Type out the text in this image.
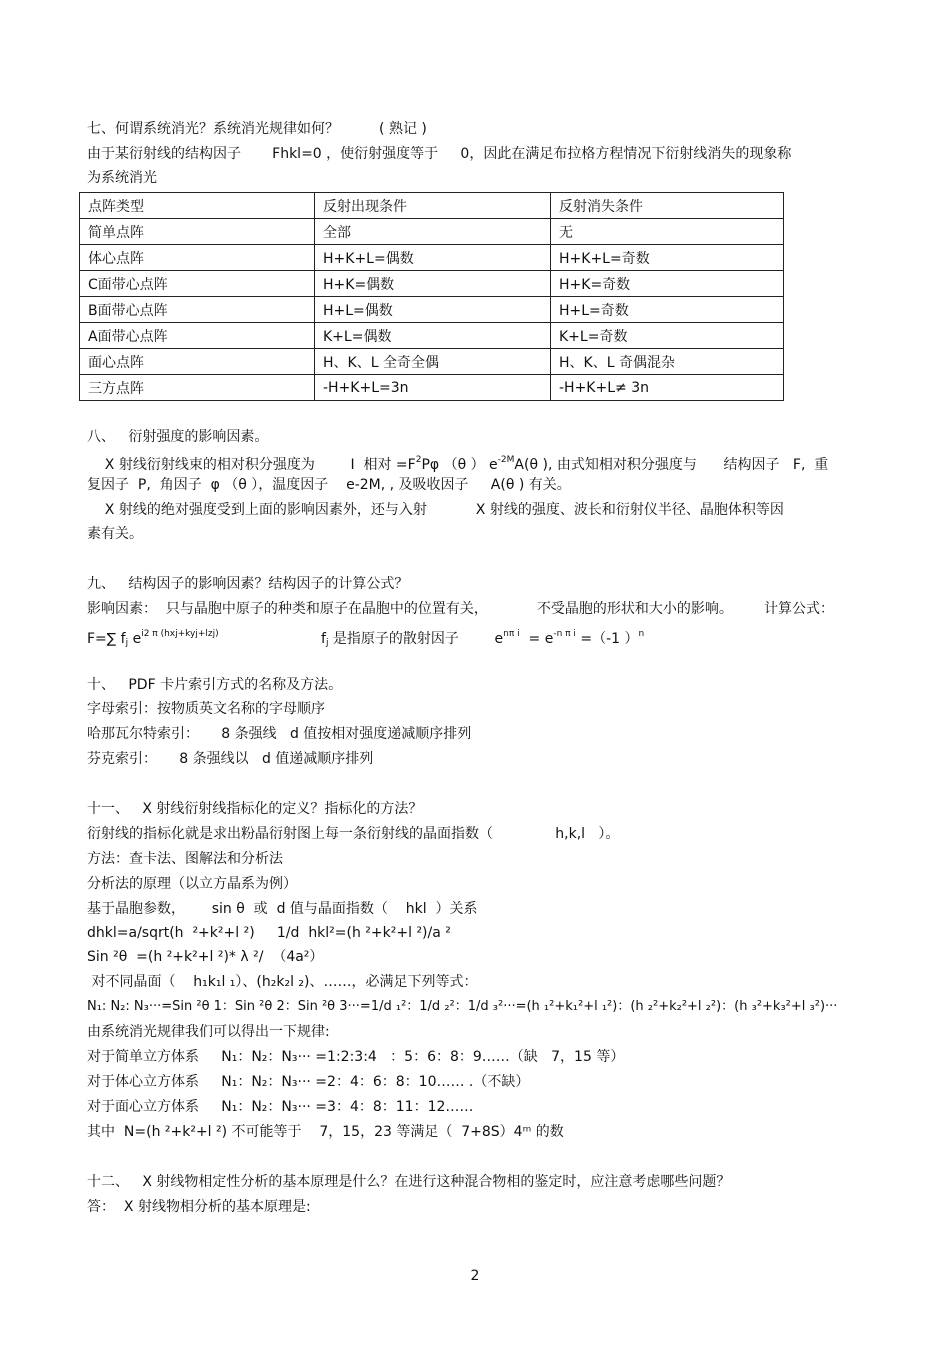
七、何谓系统消光？系统消光规律如何？         ( 熟记 )
由于某衍射线的结构因子       Fhkl=0 ，使衍射强度等于     0，因此在满足布拉格方程情况下衍射线消失的现象称
为系统消光
点阵类型	反射出现条件	反射消失条件
简单点阵	全部	无
体心点阵	H+K+L=偶数	H+K+L=奇数
C面带心点阵	H+K=偶数	H+K=奇数
B面带心点阵	H+L=偶数	H+L=奇数
A面带心点阵	K+L=偶数	K+L=奇数
面心点阵	H、K、L 全奇全偶	H、K、L 奇偶混杂
三方点阵	-H+K+L=3n	-H+K+L≠ 3n
八、   衍射强度的影响因素。
X 射线衍射线束的相对积分强度为        I  相对 $=F^2P\varphi$ （θ ） $e^{-2M}A(\theta$ ), 由式知相对积分强度与      结构因子   F,  重
复因子  P,  角因子  φ （θ ），温度因子    e-2M, , 及吸收因子     A(θ ) 有关。
X 射线的绝对强度受到上面的影响因素外，还与入射           X 射线的强度、波长和衍射仪半径、晶胞体积等因
素有关。
九、   结构因子的影响因素？结构因子的计算公式？
影响因素：  只与晶胞中原子的种类和原子在晶胞中的位置有关，           不受晶胞的形状和大小的影响。       计算公式：
F=∑ $f_j$ $e^{i2 \pi (hxj+kyj+lzj)}$                       $f_j$ 是指原子的散射因子        $e^{n\pi i} = e^{-n \pi i} =(-1$ ）$^n$
十、   PDF 卡片索引方式的名称及方法。
字母索引：按物质英文名称的字母顺序
哈那瓦尔特索引：     8 条强线   d 值按相对强度递减顺序排列
芬克索引：     8 条强线以   d 值递减顺序排列
十一、   X 射线衍射线指标化的定义？指标化的方法？
衍射线的指标化就是求出粉晶衍射图上每一条衍射线的晶面指数（              h,k,l   ）。
方法：查卡法、图解法和分析法
分析法的原理（以立方晶系为例）
基于晶胞参数，      sin θ  或  d 值与晶面指数（    hkl  ）关系
dhkl=a/sqrt(h  ²+k²+l ²)     1/d  hkl²=(h ²+k²+l ²)/a ²
Sin ²θ  =(h ²+k²+l ²)* λ ²/  （4a²）
对不同晶面（    h₁k₁l ₁）、(h₂k₂l ₂)、……，必满足下列等式：
N₁: N₂: N₃···=Sin ²θ 1：Sin ²θ 2：Sin ²θ 3···=1/d ₁²：1/d ₂²：1/d ₃²···=(h ₁²+k₁²+l ₁²)：(h ₂²+k₂²+l ₂²)：(h ₃²+k₃²+l ₃²)···
由系统消光规律我们可以得出一下规律:
对于简单立方体系     N₁：N₂：N₃··· =1:2:3:4   ：5：6：8：9……（缺   7，15 等）
对于体心立方体系     N₁：N₂：N₃··· =2：4：6：8：10…… .（不缺）
对于面心立方体系     N₁：N₂：N₃··· =3：4：8：11：12……
其中  N=(h ²+k²+l ²) 不可能等于    7，15，23 等满足（  7+8S）4ᵐ 的数
十二、   X 射线物相定性分析的基本原理是什么？在进行这种混合物相的鉴定时，应注意考虑哪些问题？
答：  X 射线物相分析的基本原理是:
2
